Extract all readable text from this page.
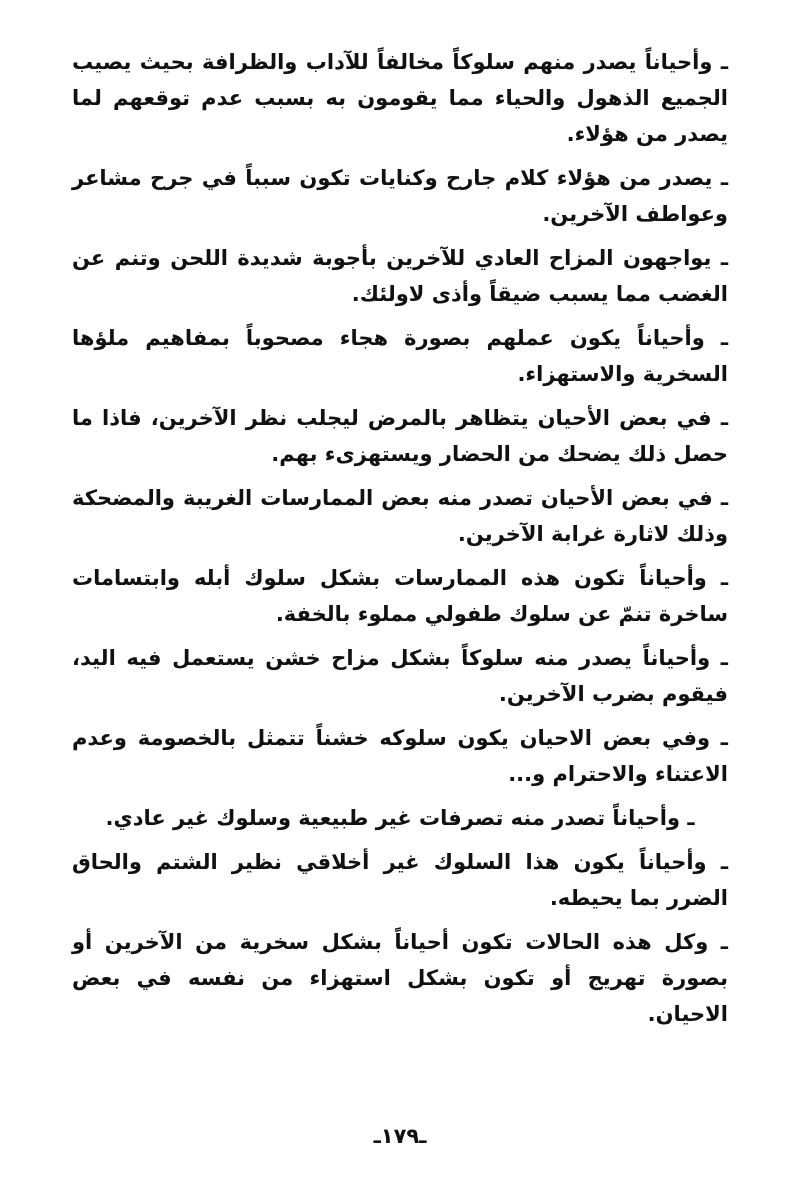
ـ وأحياناً يصدر منهم سلوكاً مخالفاً للآداب والظرافة بحيث يصيب الجميع الذهول والحياء مما يقومون به بسبب عدم توقعهم لما يصدر من هؤلاء.

ـ يصدر من هؤلاء كلام جارح وكنايات تكون سبباً في جرح مشاعر وعواطف الآخرين.

ـ يواجهون المزاح العادي للآخرين بأجوبة شديدة اللحن وتنم عن الغضب مما يسبب ضيقاً وأذى لاولئك.

ـ وأحياناً يكون عملهم بصورة هجاء مصحوباً بمفاهيم ملؤها السخرية والاستهزاء.

ـ في بعض الأحيان يتظاهر بالمرض ليجلب نظر الآخرين، فاذا ما حصل ذلك يضحك من الحضار ويستهزىء بهم.

ـ في بعض الأحيان تصدر منه بعض الممارسات الغريبة والمضحكة وذلك لاثارة غرابة الآخرين.

ـ وأحياناً تكون هذه الممارسات بشكل سلوك أبله وابتسامات ساخرة تنمّ عن سلوك طفولي مملوء بالخفة.

ـ وأحياناً يصدر منه سلوكاً بشكل مزاح خشن يستعمل فيه اليد، فيقوم بضرب الآخرين.

ـ وفي بعض الاحيان يكون سلوكه خشناً تتمثل بالخصومة وعدم الاعتناء والاحترام و...

ـ وأحياناً تصدر منه تصرفات غير طبيعية وسلوك غير عادي.

ـ وأحياناً يكون هذا السلوك غير أخلاقي نظير الشتم والحاق الضرر بما يحيطه.

ـ وكل هذه الحالات تكون أحياناً بشكل سخرية من الآخرين أو بصورة تهريج أو تكون بشكل استهزاء من نفسه في بعض الاحيان.

ـ١٧٩ـ
